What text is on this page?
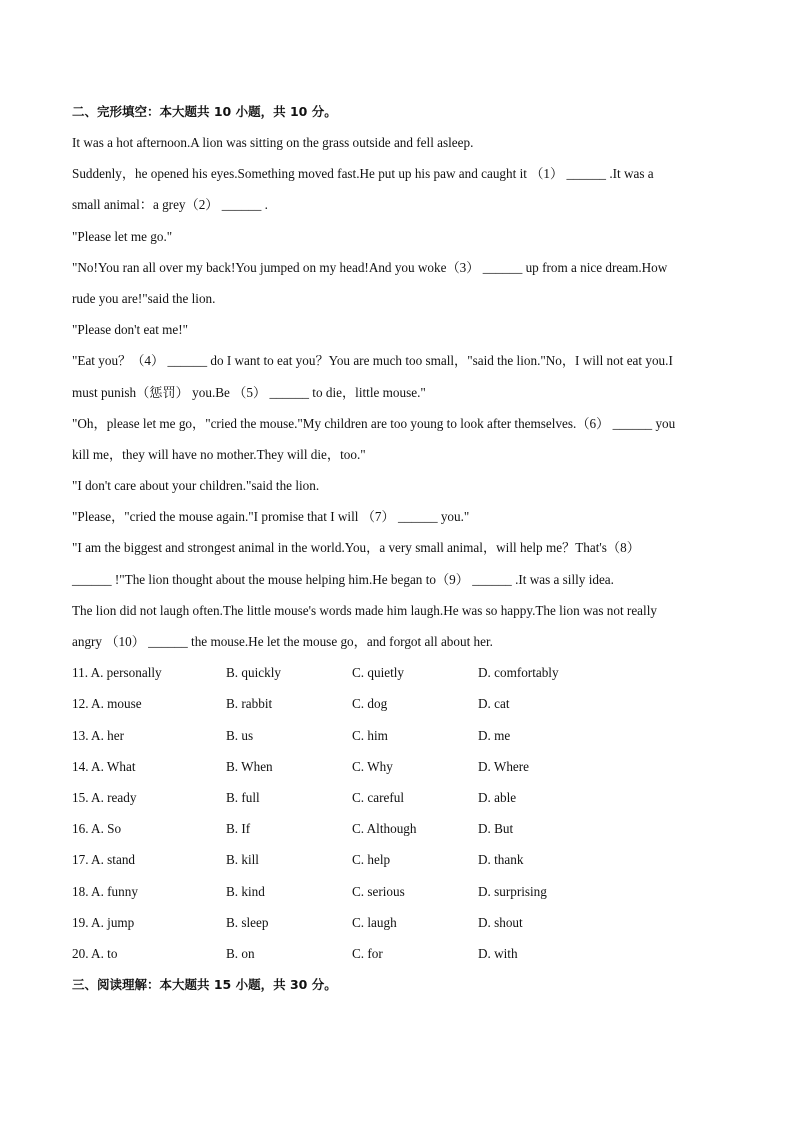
二、完形填空：本大题共 10 小题，共 10 分。
It was a hot afternoon.A lion was sitting on the grass outside and fell asleep.
Suddenly，he opened his eyes.Something moved fast.He put up his paw and caught it （1） ______ .It was a
small animal：a grey（2） ______ .
"Please let me go."
"No!You ran all over my back!You jumped on my head!And you woke（3） ______ up from a nice dream.How
rude you are!"said the lion.
"Please don't eat me!"
"Eat you？（4） ______ do I want to eat you？You are much too small，"said the lion."No，I will not eat you.I
must punish（惩罚） you.Be （5） ______ to die，little mouse."
"Oh，please let me go，"cried the mouse."My children are too young to look after themselves.（6） ______ you
kill me，they will have no mother.They will die，too."
"I don't care about your children."said the lion.
"Please，"cried the mouse again."I promise that I will （7） ______ you."
"I am the biggest and strongest animal in the world.You，a very small animal，will help me？That's（8）
______ !"The lion thought about the mouse helping him.He began to（9） ______ .It was a silly idea.
The lion did not laugh often.The little mouse's words made him laugh.He was so happy.The lion was not really
angry （10） ______ the mouse.He let the mouse go，and forgot all about her.
11. A. personally	B. quickly	C. quietly	D. comfortably
12. A. mouse	B. rabbit	C. dog	D. cat
13. A. her	B. us	C. him	D. me
14. A. What	B. When	C. Why	D. Where
15. A. ready	B. full	C. careful	D. able
16. A. So	B. If	C. Although	D. But
17. A. stand	B. kill	C. help	D. thank
18. A. funny	B. kind	C. serious	D. surprising
19. A. jump	B. sleep	C. laugh	D. shout
20. A. to	B. on	C. for	D. with
三、阅读理解：本大题共 15 小题，共 30 分。
